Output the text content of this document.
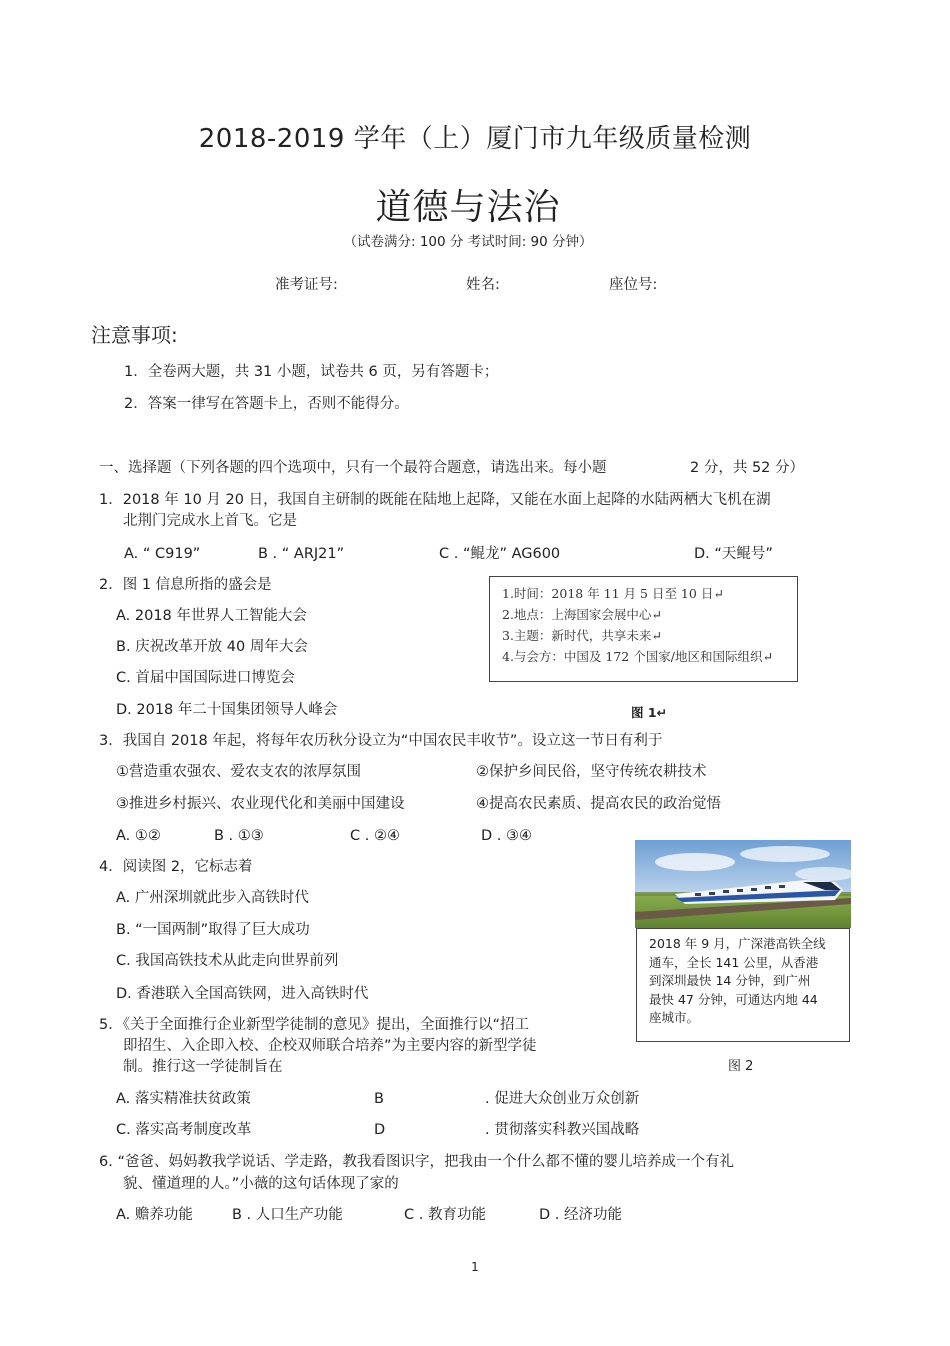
2018-2019 学年（上）厦门市九年级质量检测
道德与法治
（试卷满分: 100 分 考试时间: 90 分钟）
准考证号:	姓名:	座位号:
注意事项:
1．全卷两大题，共 31 小题，试卷共 6 页，另有答题卡；
2．答案一律写在答题卡上，否则不能得分。
一、选择题（下列各题的四个选项中，只有一个最符合题意，请选出来。每小题	2 分，共 52 分）
1．2018 年 10 月 20 日，我国自主研制的既能在陆地上起降，又能在水面上起降的水陆两栖大飞机在湖
北荆门完成水上首飞。它是
A. “ C919”	B . “ ARJ21”	C . “鲲龙” AG600	D. “天鲲号”
2．图 1 信息所指的盛会是
A. 2018 年世界人工智能大会
B. 庆祝改革开放 40 周年大会
C. 首届中国国际进口博览会
D. 2018 年二十国集团领导人峰会
1.时间：2018 年 11 月 5 日至 10 日↵
2.地点：上海国家会展中心↵
3.主题：新时代，共享未来↵
4.与会方：中国及 172 个国家/地区和国际组织↵
图 1↵
3．我国自 2018 年起，将每年农历秋分设立为“中国农民丰收节”。设立这一节日有利于
①营造重农强农、爱农支农的浓厚氛围	②保护乡间民俗，坚守传统农耕技术
③推进乡村振兴、农业现代化和美丽中国建设	④提高农民素质、提高农民的政治觉悟
A. ①②	B . ①③	C . ②④	D . ③④
4．阅读图 2，它标志着
A. 广州深圳就此步入高铁时代
B. “一国两制”取得了巨大成功
C. 我国高铁技术从此走向世界前列
D. 香港联入全国高铁网，进入高铁时代
2018 年 9 月，广深港高铁全线
通车，全长 141 公里，从香港
到深圳最快 14 分钟，到广州
最快 47 分钟，可通达内地 44
座城市。
图 2
5．《关于全面推行企业新型学徒制的意见》提出，全面推行以“招工
即招生、入企即入校、企校双师联合培养”为主要内容的新型学徒
制。推行这一学徒制旨在
A. 落实精准扶贫政策	B	. 促进大众创业万众创新
C. 落实高考制度改革	D	. 贯彻落实科教兴国战略
6. “爸爸、妈妈教我学说话、学走路，教我看图识字，把我由一个什么都不懂的婴儿培养成一个有礼
貌、懂道理的人。”小薇的这句话体现了家的
A. 赡养功能	B . 人口生产功能	C . 教育功能	D . 经济功能
1
